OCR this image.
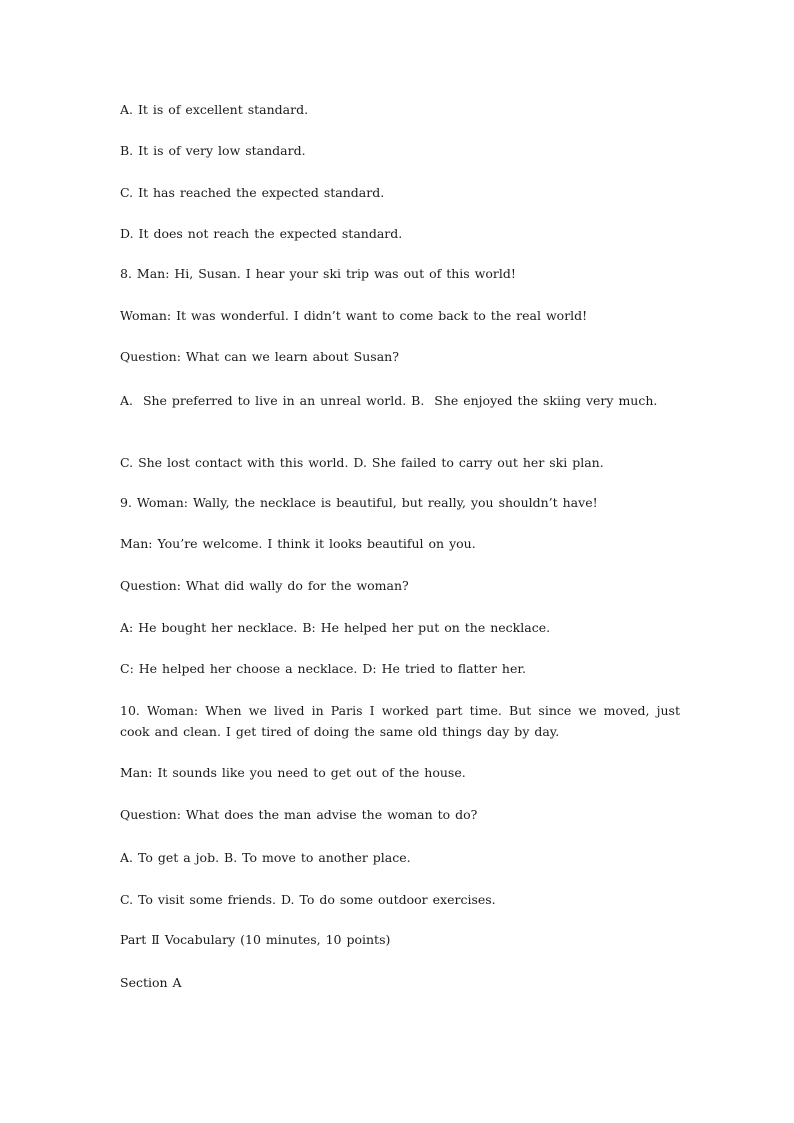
A. It is of excellent standard.
B. It is of very low standard.
C. It has reached the expected standard.
D. It does not reach the expected standard.
8. Man: Hi, Susan. I hear your ski trip was out of this world!
Woman: It was wonderful. I didn’t want to come back to the real world!
Question: What can we learn about Susan?
A.  She preferred to live in an unreal world. B.  She enjoyed the skiing very much.
C. She lost contact with this world. D. She failed to carry out her ski plan.
9. Woman: Wally, the necklace is beautiful, but really, you shouldn’t have!
Man: You’re welcome. I think it looks beautiful on you.
Question: What did wally do for the woman?
A: He bought her necklace. B: He helped her put on the necklace.
C: He helped her choose a necklace. D: He tried to flatter her.
10. Woman: When we lived in Paris I worked part time. But since we moved, just cook and clean. I get tired of doing the same old things day by day.
Man: It sounds like you need to get out of the house.
Question: What does the man advise the woman to do?
A. To get a job. B. To move to another place.
C. To visit some friends. D. To do some outdoor exercises.
Part Ⅱ Vocabulary (10 minutes, 10 points)
Section A
